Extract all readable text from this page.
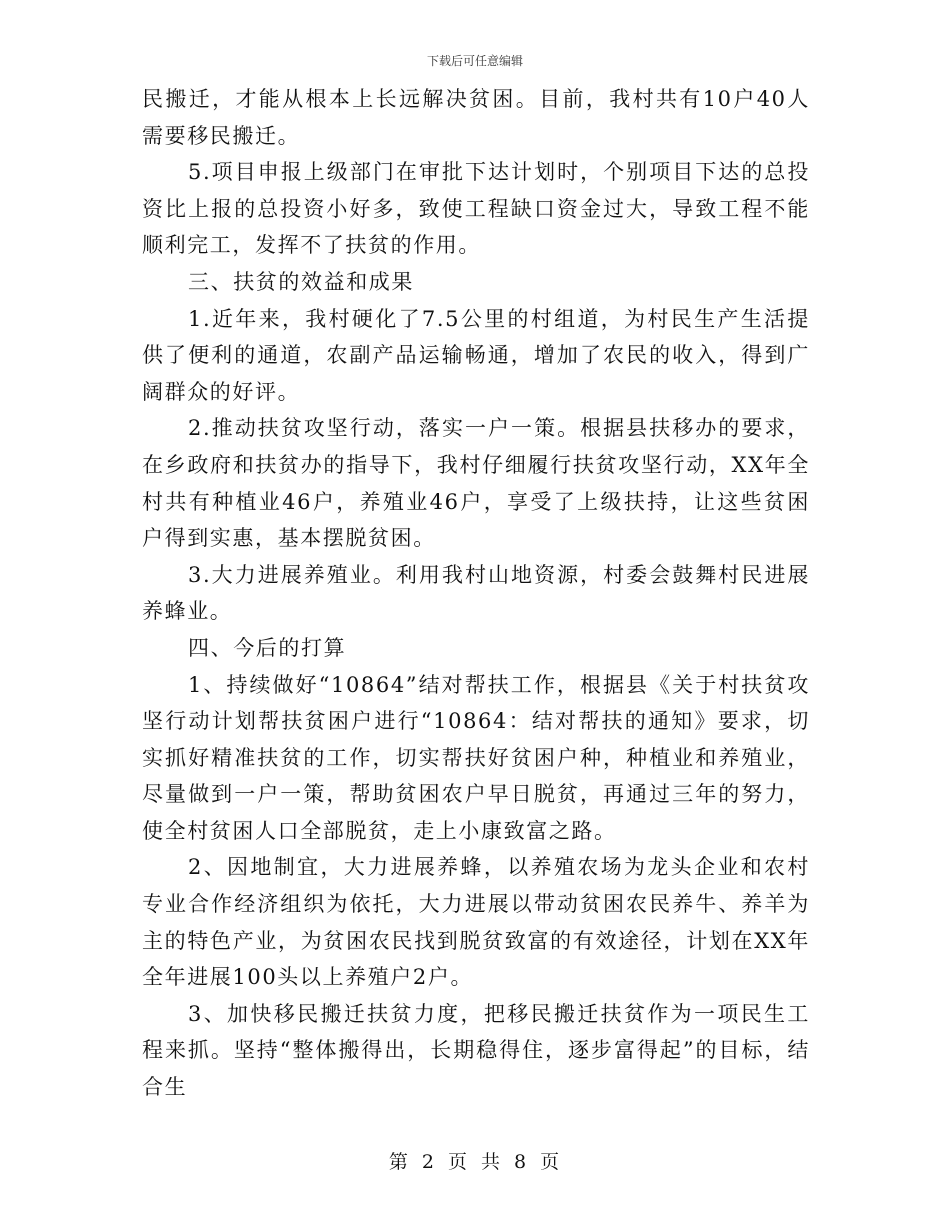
下载后可任意编辑

民搬迁，才能从根本上长远解决贫困。目前，我村共有10户40人需要移民搬迁。

5.项目申报上级部门在审批下达计划时，个别项目下达的总投资比上报的总投资小好多，致使工程缺口资金过大，导致工程不能顺利完工，发挥不了扶贫的作用。

三、扶贫的效益和成果

1.近年来，我村硬化了7.5公里的村组道，为村民生产生活提供了便利的通道，农副产品运输畅通，增加了农民的收入，得到广阔群众的好评。

2.推动扶贫攻坚行动，落实一户一策。根据县扶移办的要求，在乡政府和扶贫办的指导下，我村仔细履行扶贫攻坚行动，XX年全村共有种植业46户，养殖业46户，享受了上级扶持，让这些贫困户得到实惠，基本摆脱贫困。

3.大力进展养殖业。利用我村山地资源，村委会鼓舞村民进展养蜂业。

四、今后的打算

1、持续做好“10864”结对帮扶工作，根据县《关于村扶贫攻坚行动计划帮扶贫困户进行“10864：结对帮扶的通知》要求，切实抓好精准扶贫的工作，切实帮扶好贫困户种，种植业和养殖业，尽量做到一户一策，帮助贫困农户早日脱贫，再通过三年的努力，使全村贫困人口全部脱贫，走上小康致富之路。

2、因地制宜，大力进展养蜂，以养殖农场为龙头企业和农村专业合作经济组织为依托，大力进展以带动贫困农民养牛、养羊为主的特色产业，为贫困农民找到脱贫致富的有效途径，计划在XX年全年进展100头以上养殖户2户。

3、加快移民搬迁扶贫力度，把移民搬迁扶贫作为一项民生工程来抓。坚持“整体搬得出，长期稳得住，逐步富得起”的目标，结合生

第 2 页 共 8 页
